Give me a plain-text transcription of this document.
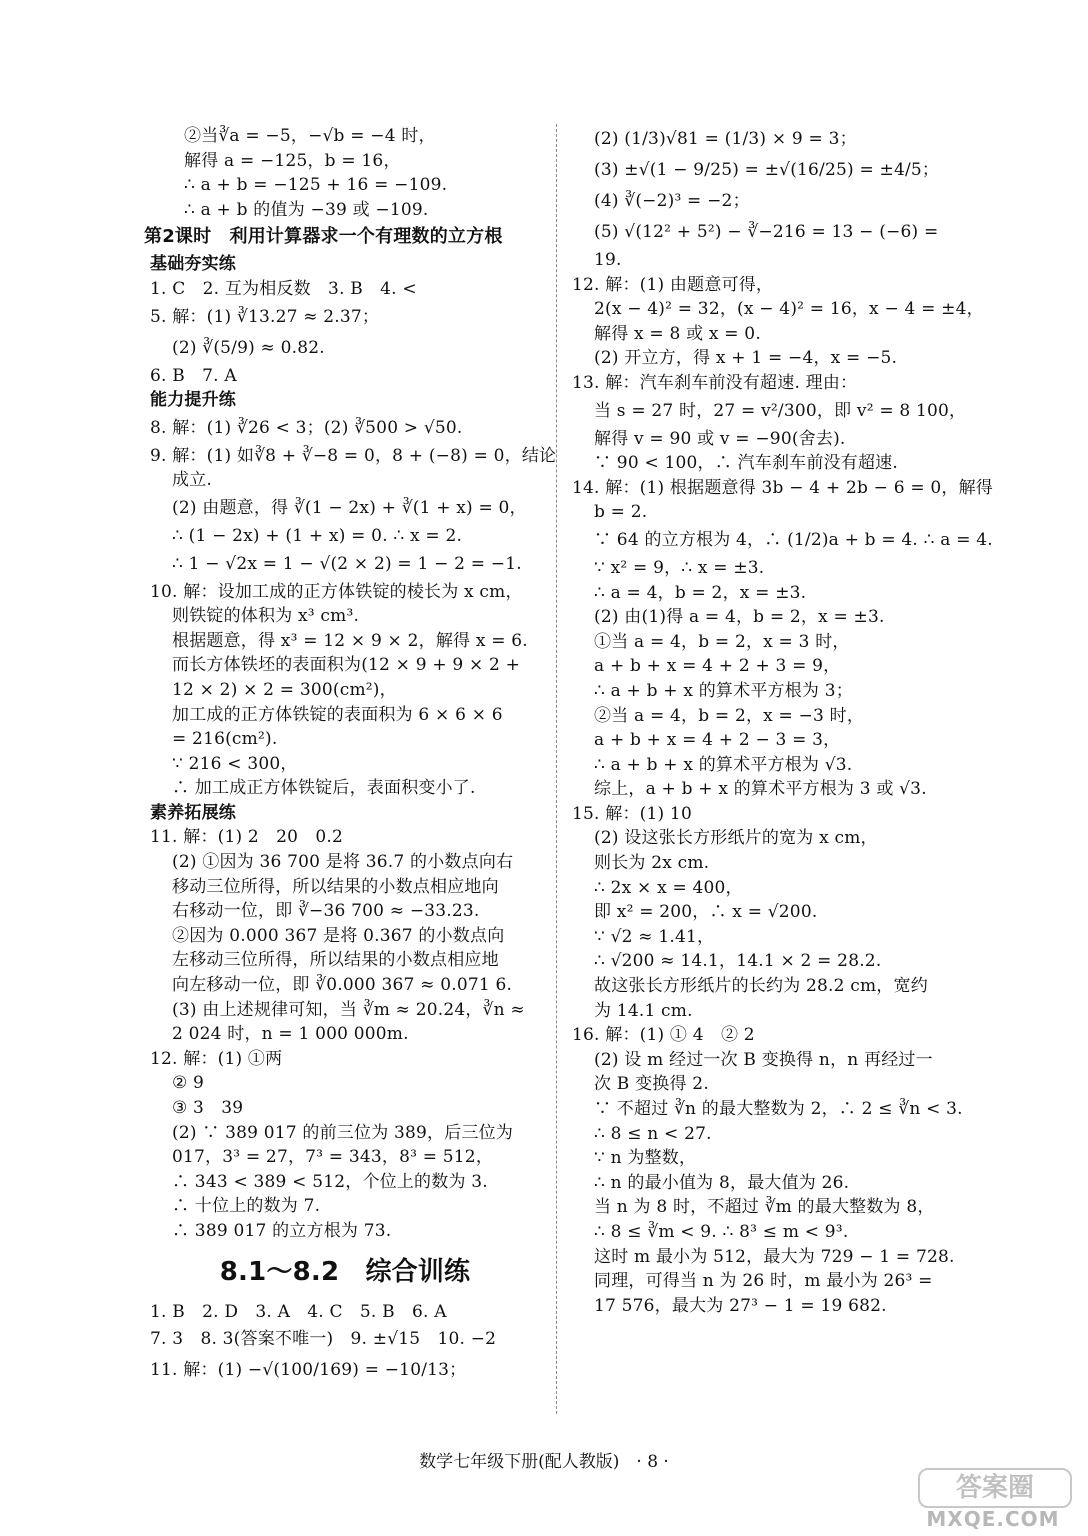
②当∛a = −5，−√b = −4 时，
解得 a = −125，b = 16，
∴ a + b = −125 + 16 = −109.
∴ a + b 的值为 −39 或 −109.
第2课时　利用计算器求一个有理数的立方根
基础夯实练
1. C　2. 互为相反数　3. B　4. <
5. 解：(1) ∛13.27 ≈ 2.37；
(2) ∛(5/9) ≈ 0.82.
6. B　7. A
能力提升练
8. 解：(1) ∛26 < 3；(2) ∛500 > √50.
9. 解：(1) 如∛8 + ∛−8 = 0，8 + (−8) = 0，结论
成立.
(2) 由题意，得 ∛(1 − 2x) + ∛(1 + x) = 0，
∴ (1 − 2x) + (1 + x) = 0. ∴ x = 2.
∴ 1 − √2x = 1 − √(2 × 2) = 1 − 2 = −1.
10. 解：设加工成的正方体铁锭的棱长为 x cm，
则铁锭的体积为 x³ cm³.
根据题意，得 x³ = 12 × 9 × 2，解得 x = 6.
而长方体铁坯的表面积为(12 × 9 + 9 × 2 +
12 × 2) × 2 = 300(cm²)，
加工成的正方体铁锭的表面积为 6 × 6 × 6
= 216(cm²).
∵ 216 < 300，
∴ 加工成正方体铁锭后，表面积变小了.
素养拓展练
11. 解：(1) 2　20　0.2
(2) ①因为 36 700 是将 36.7 的小数点向右
移动三位所得，所以结果的小数点相应地向
右移动一位，即 ∛−36 700 ≈ −33.23.
②因为 0.000 367 是将 0.367 的小数点向
左移动三位所得，所以结果的小数点相应地
向左移动一位，即 ∛0.000 367 ≈ 0.071 6.
(3) 由上述规律可知，当 ∛m ≈ 20.24，∛n ≈
2 024 时，n = 1 000 000m.
12. 解：(1) ①两
② 9
③ 3　39
(2) ∵ 389 017 的前三位为 389，后三位为
017，3³ = 27，7³ = 343，8³ = 512，
∴ 343 < 389 < 512，个位上的数为 3.
∴ 十位上的数为 7.
∴ 389 017 的立方根为 73.
8.1～8.2　综合训练
1. B　2. D　3. A　4. C　5. B　6. A
7. 3　8. 3(答案不唯一)　9. ±√15　10. −2
11. 解：(1) −√(100/169) = −10/13；
(2) (1/3)√81 = (1/3) × 9 = 3；
(3) ±√(1 − 9/25) = ±√(16/25) = ±4/5；
(4) ∛(−2)³ = −2；
(5) √(12² + 5²) − ∛−216 = 13 − (−6) =
19.
12. 解：(1) 由题意可得，
2(x − 4)² = 32，(x − 4)² = 16，x − 4 = ±4，
解得 x = 8 或 x = 0.
(2) 开立方，得 x + 1 = −4，x = −5.
13. 解：汽车刹车前没有超速. 理由：
当 s = 27 时，27 = v²/300，即 v² = 8 100，
解得 v = 90 或 v = −90(舍去).
∵ 90 < 100，∴ 汽车刹车前没有超速.
14. 解：(1) 根据题意得 3b − 4 + 2b − 6 = 0，解得
b = 2.
∵ 64 的立方根为 4，∴ (1/2)a + b = 4. ∴ a = 4.
∵ x² = 9，∴ x = ±3.
∴ a = 4，b = 2，x = ±3.
(2) 由(1)得 a = 4，b = 2，x = ±3.
①当 a = 4，b = 2，x = 3 时，
a + b + x = 4 + 2 + 3 = 9，
∴ a + b + x 的算术平方根为 3；
②当 a = 4，b = 2，x = −3 时，
a + b + x = 4 + 2 − 3 = 3，
∴ a + b + x 的算术平方根为 √3.
综上，a + b + x 的算术平方根为 3 或 √3.
15. 解：(1) 10
(2) 设这张长方形纸片的宽为 x cm，
则长为 2x cm.
∴ 2x × x = 400，
即 x² = 200，∴ x = √200.
∵ √2 ≈ 1.41，
∴ √200 ≈ 14.1，14.1 × 2 = 28.2.
故这张长方形纸片的长约为 28.2 cm，宽约
为 14.1 cm.
16. 解：(1) ① 4　② 2
(2) 设 m 经过一次 B 变换得 n，n 再经过一
次 B 变换得 2.
∵ 不超过 ∛n 的最大整数为 2，∴ 2 ≤ ∛n < 3.
∴ 8 ≤ n < 27.
∵ n 为整数，
∴ n 的最小值为 8，最大值为 26.
当 n 为 8 时，不超过 ∛m 的最大整数为 8，
∴ 8 ≤ ∛m < 9. ∴ 8³ ≤ m < 9³.
这时 m 最小为 512，最大为 729 − 1 = 728.
同理，可得当 n 为 26 时，m 最小为 26³ =
17 576，最大为 27³ − 1 = 19 682.
数学七年级下册(配人教版)　· 8 ·
答案圈
MXQE.COM
